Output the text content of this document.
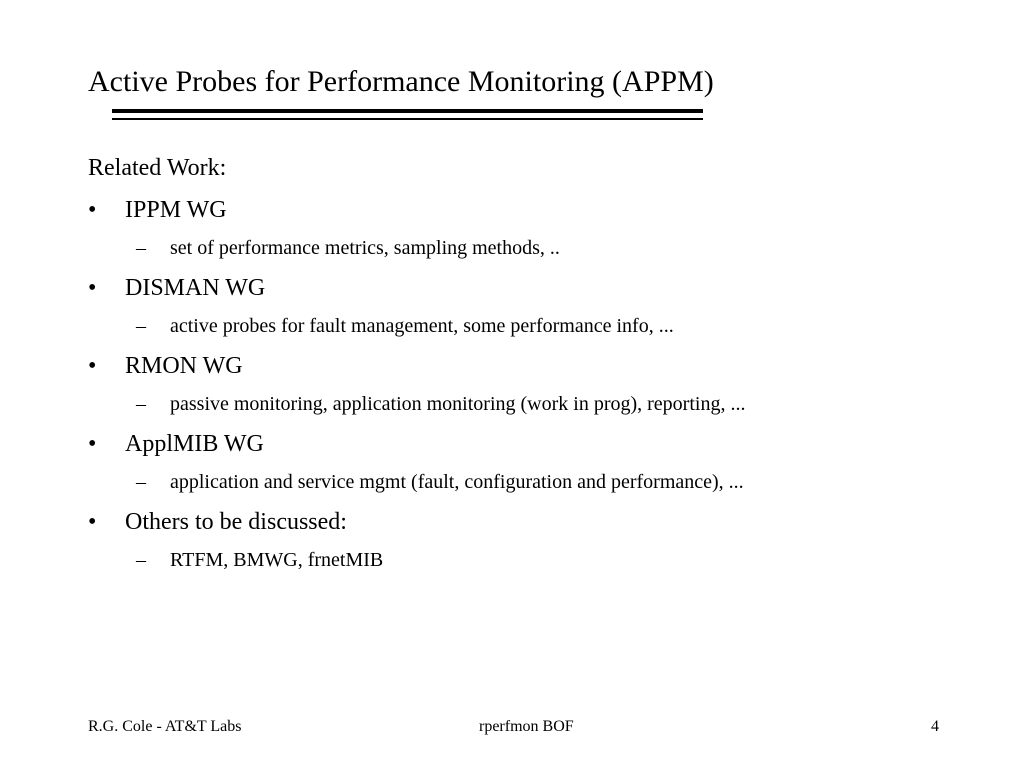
Active Probes for Performance Monitoring (APPM)
Related Work:
• IPPM WG
– set of performance metrics, sampling methods, ..
• DISMAN WG
– active probes for fault management, some performance info, ...
• RMON WG
– passive monitoring, application monitoring (work in prog), reporting, ...
• ApplMIB WG
– application and service mgmt (fault, configuration and performance), ...
• Others to be discussed:
– RTFM, BMWG, frnetMIB
R.G. Cole - AT&T Labs	rperfmon BOF	4
